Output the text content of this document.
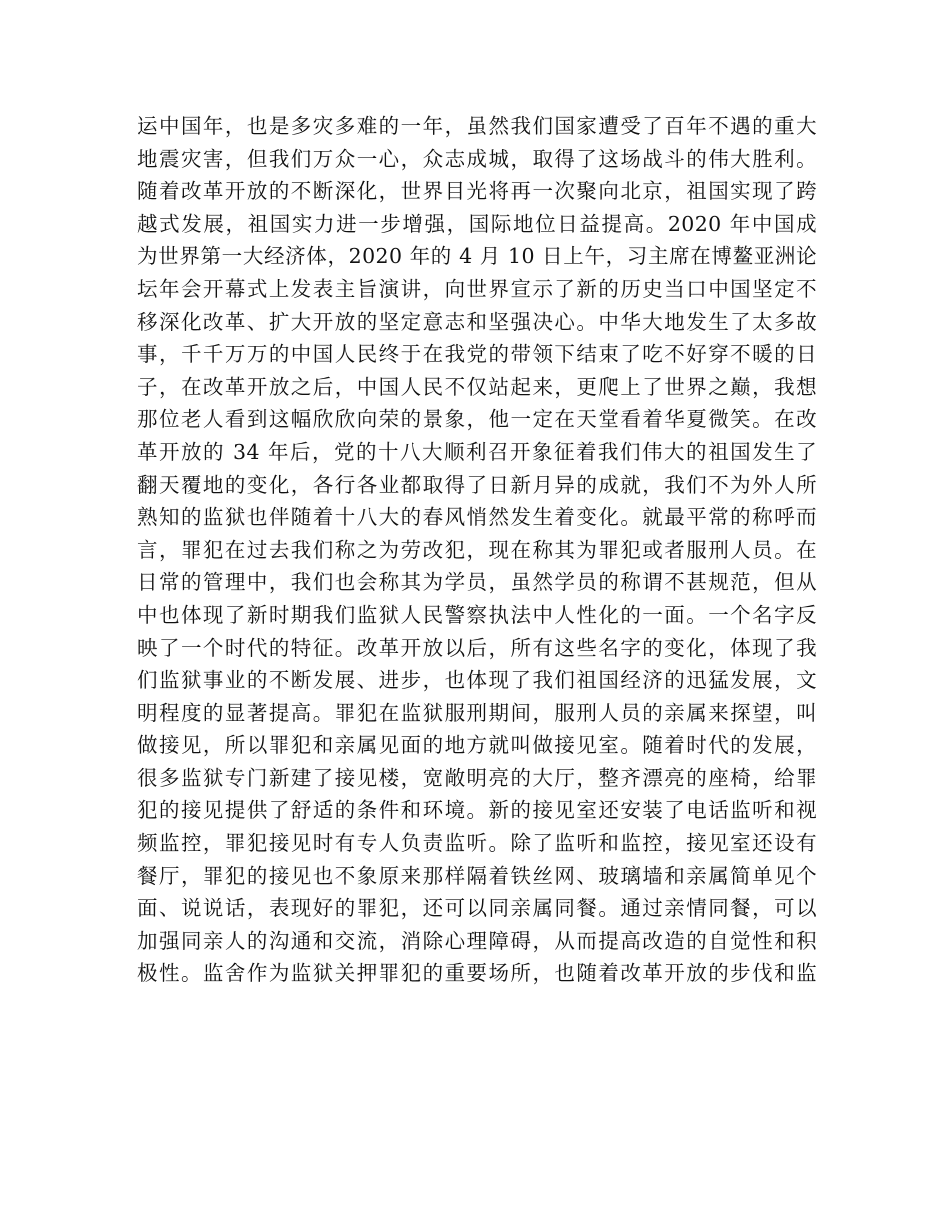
运中国年，也是多灾多难的一年，虽然我们国家遭受了百年不遇的重大
地震灾害，但我们万众一心，众志成城，取得了这场战斗的伟大胜利。
随着改革开放的不断深化，世界目光将再一次聚向北京，祖国实现了跨
越式发展，祖国实力进一步增强，国际地位日益提高。2020 年中国成
为世界第一大经济体，2020 年的 4 月 10 日上午，习主席在博鳌亚洲论
坛年会开幕式上发表主旨演讲，向世界宣示了新的历史当口中国坚定不
移深化改革、扩大开放的坚定意志和坚强决心。中华大地发生了太多故
事，千千万万的中国人民终于在我党的带领下结束了吃不好穿不暖的日
子，在改革开放之后，中国人民不仅站起来，更爬上了世界之巅，我想
那位老人看到这幅欣欣向荣的景象，他一定在天堂看着华夏微笑。在改
革开放的 34 年后，党的十八大顺利召开象征着我们伟大的祖国发生了
翻天覆地的变化，各行各业都取得了日新月异的成就，我们不为外人所
熟知的监狱也伴随着十八大的春风悄然发生着变化。就最平常的称呼而
言，罪犯在过去我们称之为劳改犯，现在称其为罪犯或者服刑人员。在
日常的管理中，我们也会称其为学员，虽然学员的称谓不甚规范，但从
中也体现了新时期我们监狱人民警察执法中人性化的一面。一个名字反
映了一个时代的特征。改革开放以后，所有这些名字的变化，体现了我
们监狱事业的不断发展、进步，也体现了我们祖国经济的迅猛发展，文
明程度的显著提高。罪犯在监狱服刑期间，服刑人员的亲属来探望，叫
做接见，所以罪犯和亲属见面的地方就叫做接见室。随着时代的发展，
很多监狱专门新建了接见楼，宽敞明亮的大厅，整齐漂亮的座椅，给罪
犯的接见提供了舒适的条件和环境。新的接见室还安装了电话监听和视
频监控，罪犯接见时有专人负责监听。除了监听和监控，接见室还设有
餐厅，罪犯的接见也不象原来那样隔着铁丝网、玻璃墙和亲属简单见个
面、说说话，表现好的罪犯，还可以同亲属同餐。通过亲情同餐，可以
加强同亲人的沟通和交流，消除心理障碍，从而提高改造的自觉性和积
极性。监舍作为监狱关押罪犯的重要场所，也随着改革开放的步伐和监
